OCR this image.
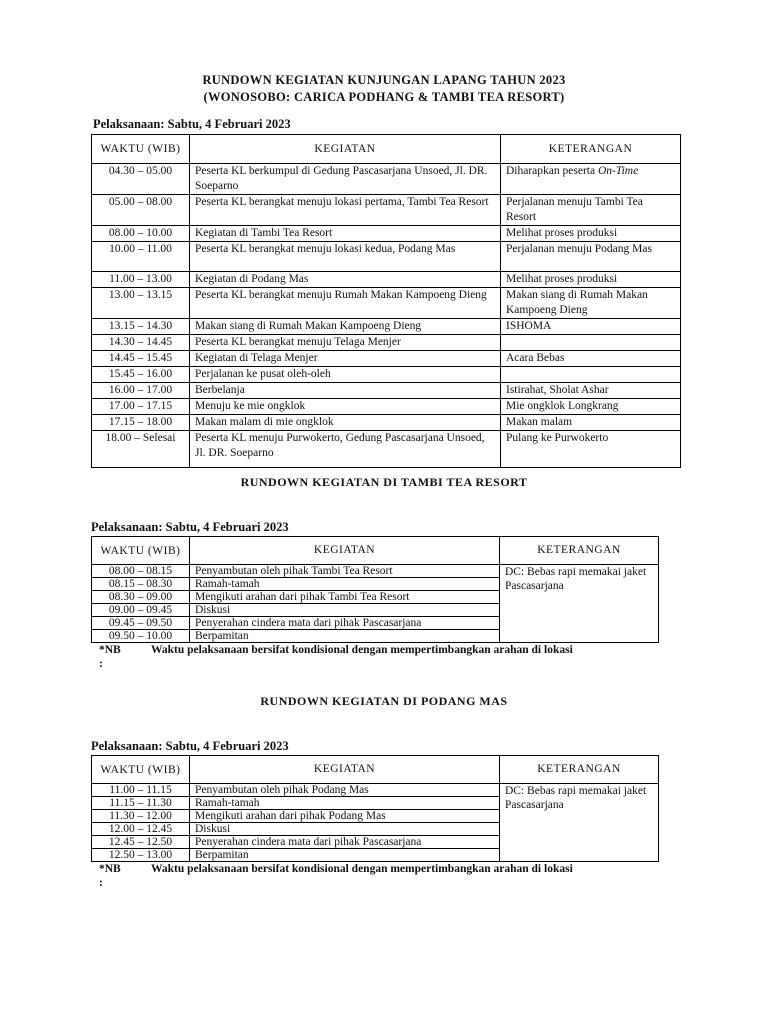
RUNDOWN KEGIATAN KUNJUNGAN LAPANG TAHUN 2023
(WONOSOBO: CARICA PODHANG & TAMBI TEA RESORT)
Pelaksanaan: Sabtu, 4 Februari 2023
WAKTU (WIB)	KEGIATAN	KETERANGAN
04.30 – 05.00	Peserta KL berkumpul di Gedung Pascasarjana Unsoed, Jl. DR. Soeparno	Diharapkan peserta On-Time
05.00 – 08.00	Peserta KL berangkat menuju lokasi pertama, Tambi Tea Resort	Perjalanan menuju Tambi Tea Resort
08.00 – 10.00	Kegiatan di Tambi Tea Resort	Melihat proses produksi
10.00 – 11.00	Peserta KL berangkat menuju lokasi kedua, Podang Mas	Perjalanan menuju Podang Mas
11.00 – 13.00	Kegiatan di Podang Mas	Melihat proses produksi
13.00 – 13.15	Peserta KL berangkat menuju Rumah Makan Kampoeng Dieng	Makan siang di Rumah Makan Kampoeng Dieng
13.15 – 14.30	Makan siang di Rumah Makan Kampoeng Dieng	ISHOMA
14.30 – 14.45	Peserta KL berangkat menuju Telaga Menjer	
14.45 – 15.45	Kegiatan di Telaga Menjer	Acara Bebas
15.45 – 16.00	Perjalanan ke pusat oleh-oleh	
16.00 – 17.00	Berbelanja	Istirahat, Sholat Ashar
17.00 – 17.15	Menuju ke mie ongklok	Mie ongklok Longkrang
17.15 – 18.00	Makan malam di mie ongklok	Makan malam
18.00 – Selesai	Peserta KL menuju Purwokerto, Gedung Pascasarjana Unsoed, Jl. DR. Soeparno	Pulang ke Purwokerto
RUNDOWN KEGIATAN DI TAMBI TEA RESORT
Pelaksanaan: Sabtu, 4 Februari 2023
WAKTU (WIB)	KEGIATAN	KETERANGAN
08.00 – 08.15	Penyambutan oleh pihak Tambi Tea Resort	DC: Bebas rapi memakai jaket Pascasarjana
08.15 – 08.30	Ramah-tamah	
08.30 – 09.00	Mengikuti arahan dari pihak Tambi Tea Resort	
09.00 – 09.45	Diskusi	
09.45 – 09.50	Penyerahan cindera mata dari pihak Pascasarjana	
09.50 – 10.00	Berpamitan	
*NB :
Waktu pelaksanaan bersifat kondisional dengan mempertimbangkan arahan di lokasi
RUNDOWN KEGIATAN DI PODANG MAS
Pelaksanaan: Sabtu, 4 Februari 2023
WAKTU (WIB)	KEGIATAN	KETERANGAN
11.00 – 11.15	Penyambutan oleh pihak Podang Mas	DC: Bebas rapi memakai jaket Pascasarjana
11.15 – 11.30	Ramah-tamah	
11.30 – 12.00	Mengikuti arahan dari pihak Podang Mas	
12.00 – 12.45	Diskusi	
12.45 – 12.50	Penyerahan cindera mata dari pihak Pascasarjana	
12.50 – 13.00	Berpamitan	
*NB :
Waktu pelaksanaan bersifat kondisional dengan mempertimbangkan arahan di lokasi
